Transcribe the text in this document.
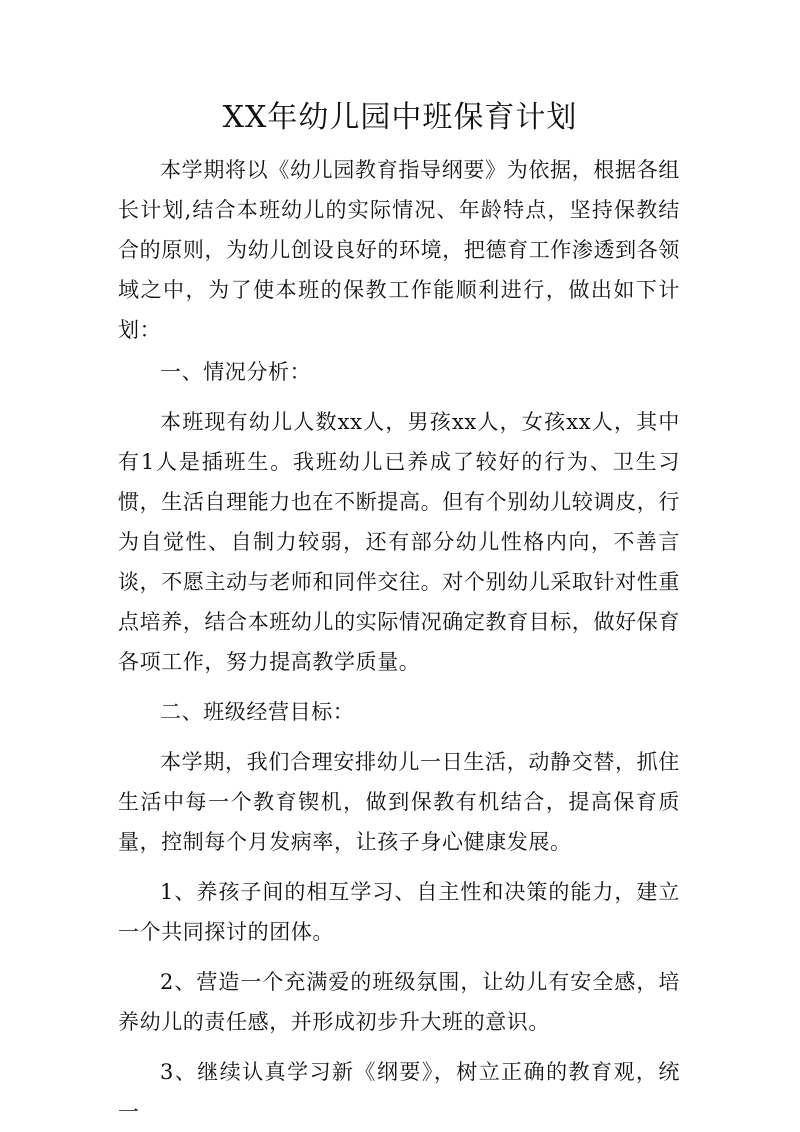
XX年幼儿园中班保育计划

本学期将以《幼儿园教育指导纲要》为依据，根据各组长计划,结合本班幼儿的实际情况、年龄特点，坚持保教结合的原则，为幼儿创设良好的环境，把德育工作渗透到各领域之中，为了使本班的保教工作能顺利进行，做出如下计划：

一、情况分析：

本班现有幼儿人数xx人，男孩xx人，女孩xx人，其中有1人是插班生。我班幼儿已养成了较好的行为、卫生习惯，生活自理能力也在不断提高。但有个别幼儿较调皮，行为自觉性、自制力较弱，还有部分幼儿性格内向，不善言谈，不愿主动与老师和同伴交往。对个别幼儿采取针对性重点培养，结合本班幼儿的实际情况确定教育目标，做好保育各项工作，努力提高教学质量。

二、班级经营目标：

本学期，我们合理安排幼儿一日生活，动静交替，抓住生活中每一个教育锲机，做到保教有机结合，提高保育质量，控制每个月发病率，让孩子身心健康发展。

1、养孩子间的相互学习、自主性和决策的能力，建立一个共同探讨的团体。

2、营造一个充满爱的班级氛围，让幼儿有安全感，培养幼儿的责任感，并形成初步升大班的意识。

3、继续认真学习新《纲要》，树立正确的教育观，统一
